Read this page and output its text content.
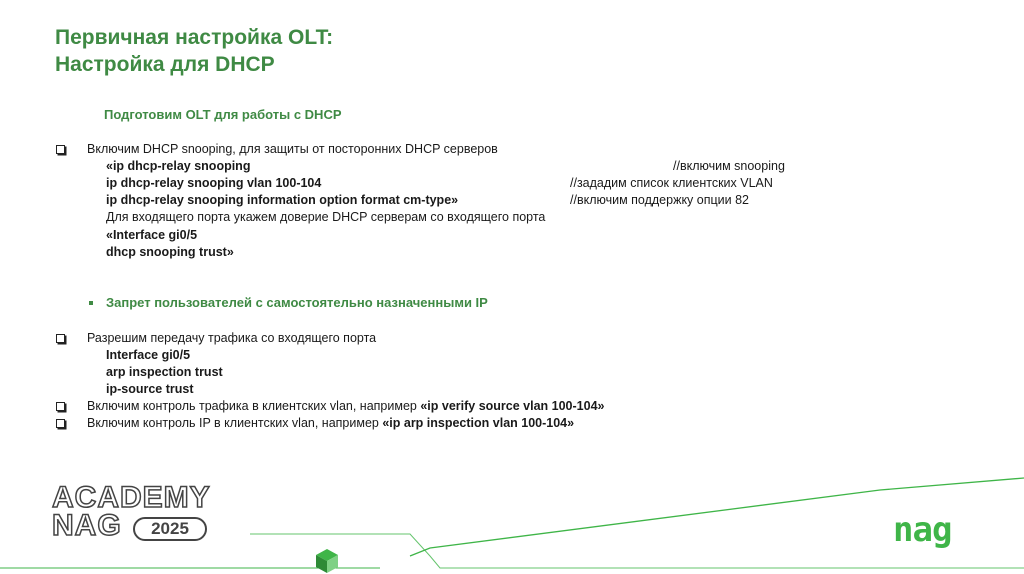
Первичная настройка OLT:
Настройка для DHCP
Подготовим OLT для работы с DHCP
Включим DHCP snooping, для защиты от посторонних DHCP серверов
«ip dhcp-relay snooping	//включим snooping
ip dhcp-relay snooping vlan 100-104	//зададим список клиентских VLAN
ip dhcp-relay snooping information option format cm-type»	//включим поддержку опции 82
Для входящего порта укажем доверие DHCP серверам со входящего порта
«Interface gi0/5
dhcp snooping trust»
Запрет пользователей с самостоятельно назначенными IP
Разрешим передачу трафика со входящего порта
Interface gi0/5
arp inspection trust
ip-source trust
Включим контроль трафика в клиентских vlan, например «ip verify source vlan 100-104»
Включим контроль IP в клиентских vlan, например «ip arp inspection vlan 100-104»
ACADEMY
NAG	2025	nag
